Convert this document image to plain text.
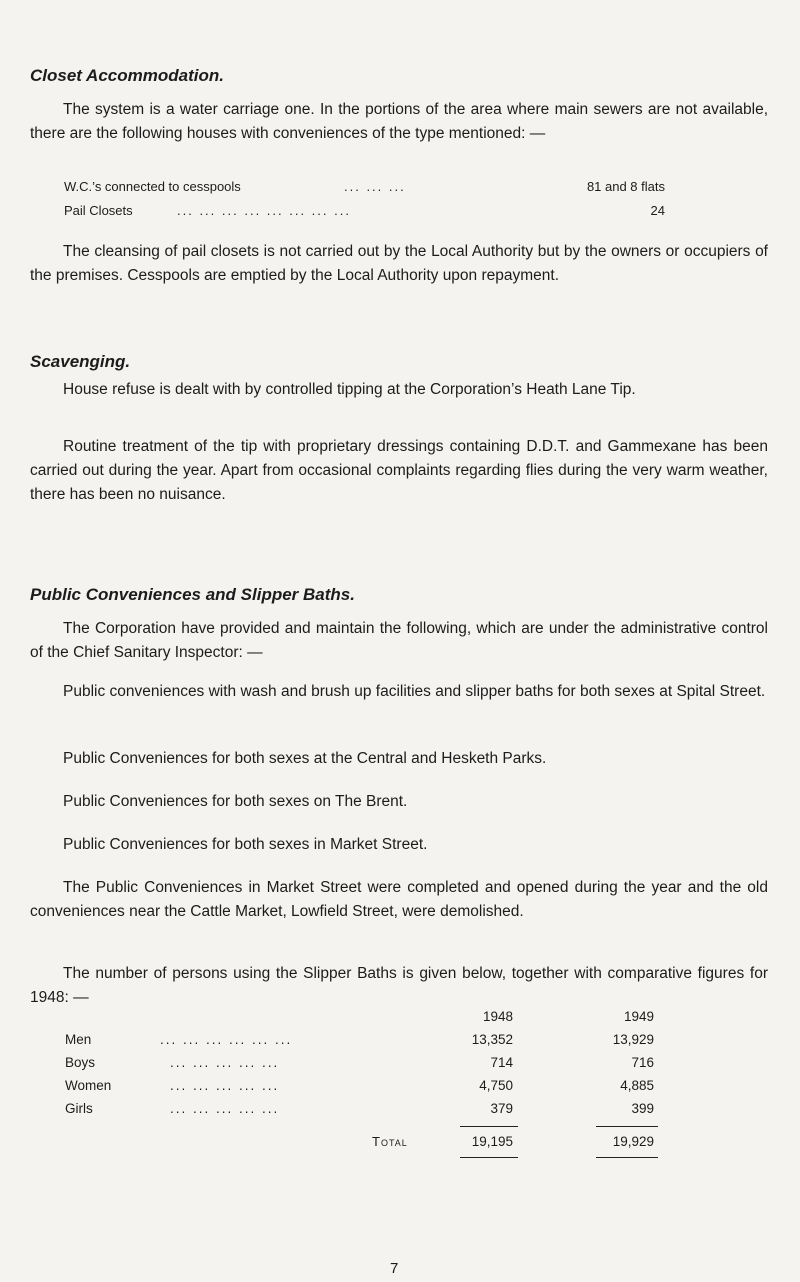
Closet Accommodation.

The system is a water carriage one. In the portions of the area where main sewers are not available, there are the following houses with conveniences of the type mentioned: —

W.C.’s connected to cesspools	... ... ...	81 and 8 flats
Pail Closets	... ... ... ... ... ... ... ...	24

The cleansing of pail closets is not carried out by the Local Authority but by the owners or occupiers of the premises. Cesspools are emptied by the Local Authority upon repayment.

Scavenging.

House refuse is dealt with by controlled tipping at the Corporation’s Heath Lane Tip.

Routine treatment of the tip with proprietary dressings containing D.D.T. and Gammexane has been carried out during the year. Apart from occasional complaints regarding flies during the very warm weather, there has been no nuisance.

Public Conveniences and Slipper Baths.

The Corporation have provided and maintain the following, which are under the administrative control of the Chief Sanitary Inspector: —

Public conveniences with wash and brush up facilities and slipper baths for both sexes at Spital Street.

Public Conveniences for both sexes at the Central and Hesketh Parks.

Public Conveniences for both sexes on The Brent.

Public Conveniences for both sexes in Market Street.

The Public Conveniences in Market Street were completed and opened during the year and the old conveniences near the Cattle Market, Lowfield Street, were demolished.

The number of persons using the Slipper Baths is given below, together with comparative figures for 1948: —

1948	1949
Men	... ... ... ... ... ...	13,352	13,929
Boys	... ... ... ... ...	714	716
Women	... ... ... ... ...	4,750	4,885
Girls	... ... ... ... ...	379	399
Total	19,195	19,929
7
